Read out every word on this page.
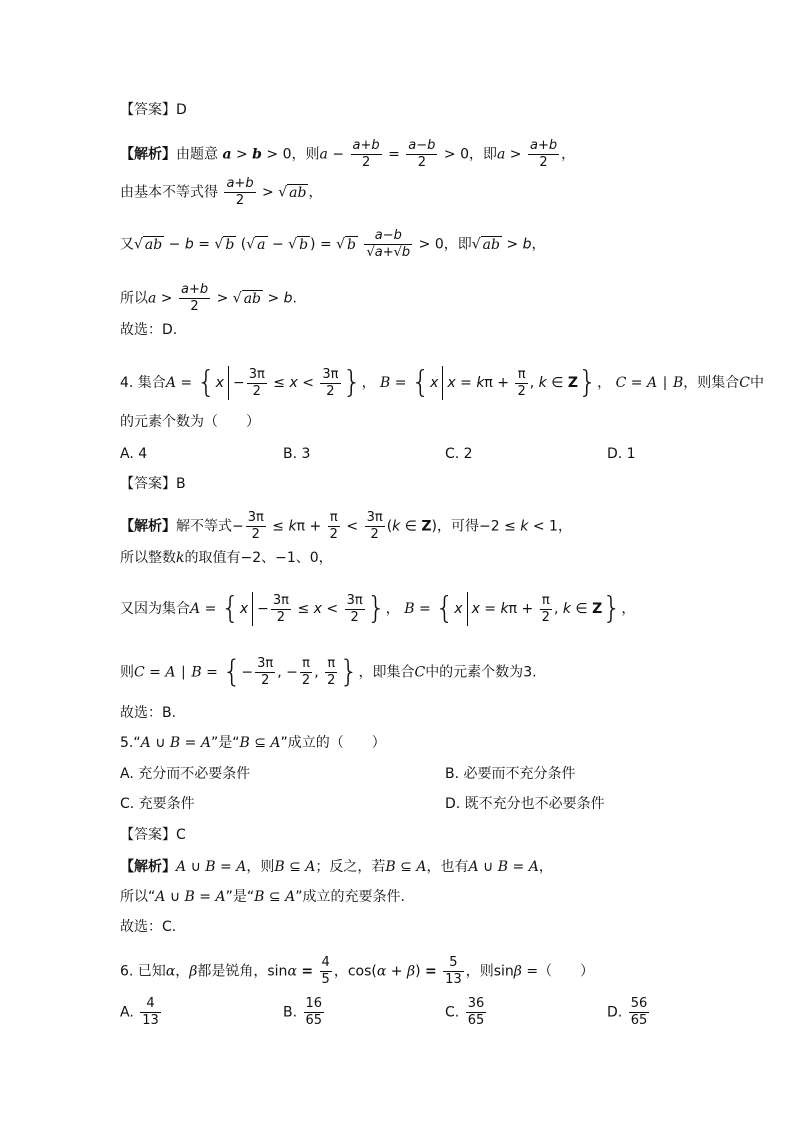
【答案】D
【解析】由题意 a > b > 0，则$a - \frac{a+b}{2} = \frac{a-b}{2} > 0$，即$a > \frac{a+b}{2}$ ，
由基本不等式得 $\frac{a+b}{2}$ > √ ab ，
又√ ab − b = √ b (√ a − √ b ) = √ b $\frac{a-b}{√a+√b} > 0$，即√ ab > b，
所以$a > \frac{a+b}{2}$ > √ ab > b.
故选：D.
4. 集合$A = \{x - \frac{3\pi}{2} \le x < \frac{3\pi}{2}$ }， B = {x $x = k\pi + \frac{\pi}{2}$ , k ∈ Z}， C = A ∣ B，则集合C中
的元素个数为（　　）
A. 4	B. 3	C. 2	D. 1
【答案】B
【解析】解不等式− $\frac{3\pi}{2} \le k\pi + \frac{\pi}{2} < \frac{3\pi}{2} (k$ ∈ Z)，可得−2 ≤ k < 1，
所以整数k的取值有−2、−1、0，
又因为集合$A = \{x - \frac{3\pi}{2} \le x < \frac{3\pi}{2}$ }， B = {x $x = k\pi + \frac{\pi}{2}$ , k ∈ Z}，
则C = A ∣ B = {− $\frac{3\pi}{2}$ , − $\frac{\pi}{2}$ , $\frac{\pi}{2}$ }，即集合C中的元素个数为3.
故选：B.
5.“A ∪ B = A”是“B ⊆ A”成立的（　　）
A. 充分而不必要条件	B. 必要而不充分条件
C. 充要条件	D. 既不充分也不必要条件
【答案】C
【解析】A ∪ B = A，则B ⊆ A；反之，若B ⊆ A，也有A ∪ B = A，
所以“A ∪ B = A”是“B ⊆ A”成立的充要条件.
故选：C.
6. 已知α，β都是锐角，$\sin\alpha = \frac{4}{5}$ ，$\cos(\alpha + \beta) = \frac{5}{13}$ ，则sinβ =（　　）
A. $\frac{4}{13}$	B. $\frac{16}{65}$	C. $\frac{36}{65}$	D. $\frac{56}{65}$
